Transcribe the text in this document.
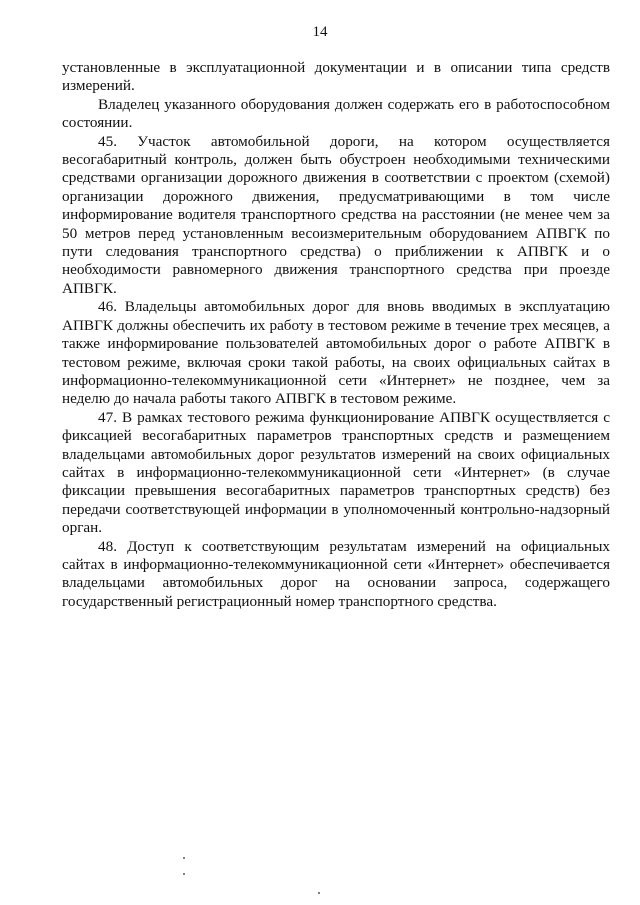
14

установленные в эксплуатационной документации и в описании типа средств измерений.

Владелец указанного оборудования должен содержать его в работоспособном состоянии.

45. Участок автомобильной дороги, на котором осуществляется весогабаритный контроль, должен быть обустроен необходимыми техническими средствами организации дорожного движения в соответствии с проектом (схемой) организации дорожного движения, предусматривающими в том числе информирование водителя транспортного средства на расстоянии (не менее чем за 50 метров перед установленным весоизмерительным оборудованием АПВГК по пути следования транспортного средства) о приближении к АПВГК и о необходимости равномерного движения транспортного средства при проезде АПВГК.

46. Владельцы автомобильных дорог для вновь вводимых в эксплуатацию АПВГК должны обеспечить их работу в тестовом режиме в течение трех месяцев, а также информирование пользователей автомобильных дорог о работе АПВГК в тестовом режиме, включая сроки такой работы, на своих официальных сайтах в информационно-телекоммуникационной сети «Интернет» не позднее, чем за неделю до начала работы такого АПВГК в тестовом режиме.

47. В рамках тестового режима функционирование АПВГК осуществляется с фиксацией весогабаритных параметров транспортных средств и размещением владельцами автомобильных дорог результатов измерений на своих официальных сайтах в информационно-телекоммуникационной сети «Интернет» (в случае фиксации превышения весогабаритных параметров транспортных средств) без передачи соответствующей информации в уполномоченный контрольно-надзорный орган.

48. Доступ к соответствующим результатам измерений на официальных сайтах в информационно-телекоммуникационной сети «Интернет» обеспечивается владельцами автомобильных дорог на основании запроса, содержащего государственный регистрационный номер транспортного средства.
